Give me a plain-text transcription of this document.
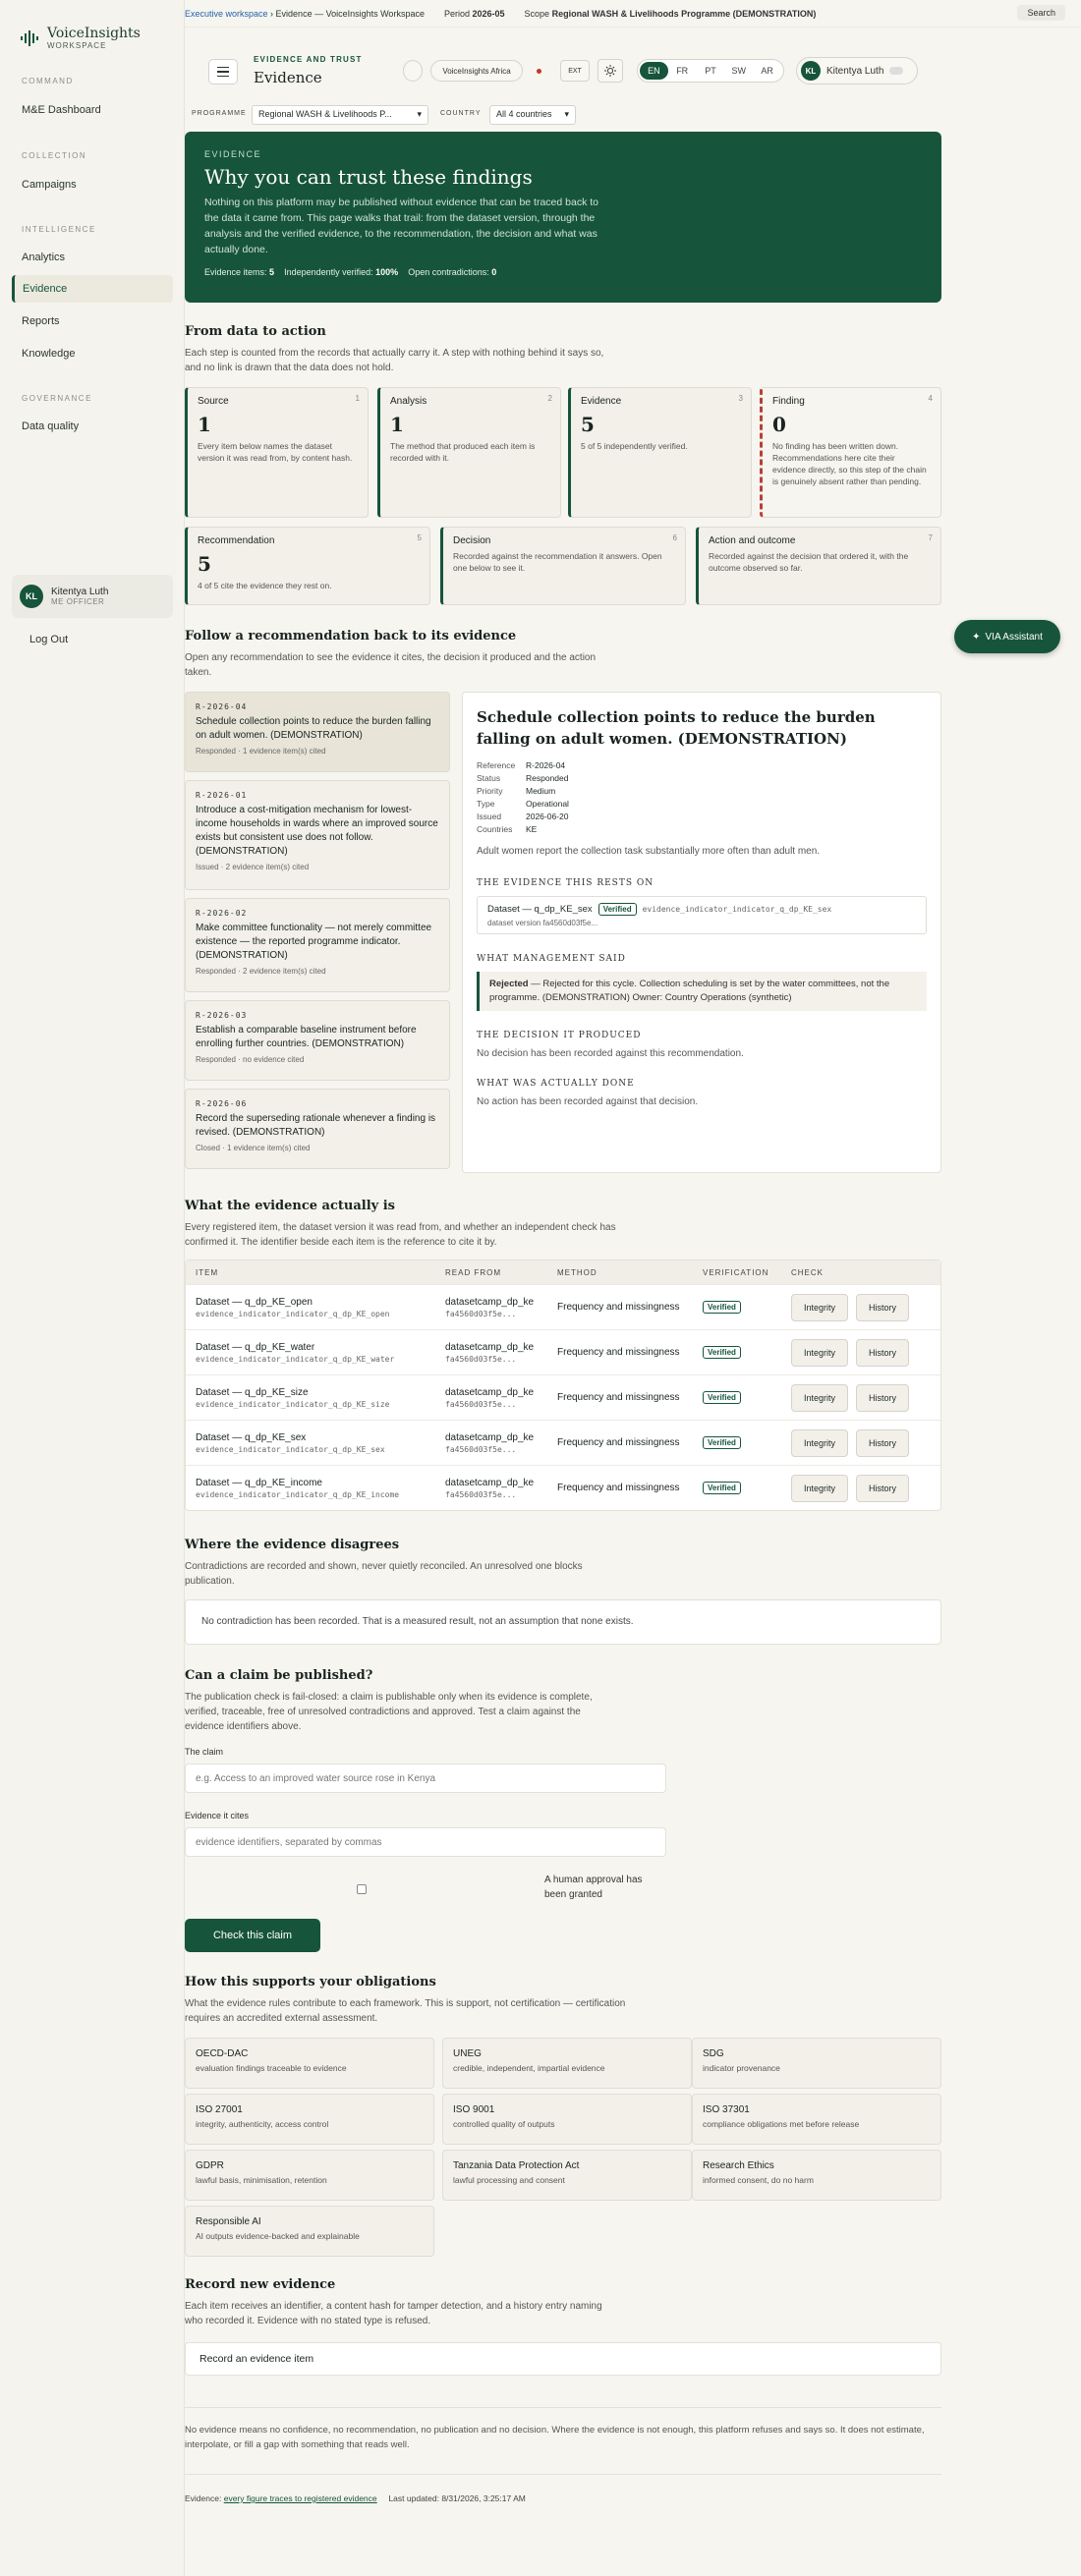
VoiceInsights
WORKSPACE
COMMAND
M&E Dashboard
COLLECTION
Campaigns
INTELLIGENCE
Analytics
Evidence
Reports
Knowledge
GOVERNANCE
Data quality
KL	Kitentya Luth
ME OFFICER
Log Out
Executive workspace › Evidence — VoiceInsights Workspace Period
2026-05 Scope
Regional WASH & Livelihoods Programme (DEMONSTRATION)	Search
EVIDENCE AND TRUST
Evidence	VoiceInsights Africa	EXT	EN	FR	PT	SW	AR	KL	Kitentya Luth
PROGRAMME	Regional WASH & Livelihoods P...	▾	COUNTRY	All 4 countries ▾
EVIDENCE
Why you can trust these findings
Nothing on this platform may be published without evidence that can be traced back to the data it came from. This page walks that trail: from the dataset version, through the analysis and the verified evidence, to the recommendation, the decision and what was actually done.
Evidence items: 5 Independently verified: 100% Open contradictions: 0
From data to action
Each step is counted from the records that actually carry it. A step with nothing behind it says so, and no link is drawn that the data does not hold.
1
Source
1
Every item below names the dataset version it was read from, by content hash.
2
Analysis
1
The method that produced each item is recorded with it.
3
Evidence
5
5 of 5 independently verified.
4
Finding
0
No finding has been written down. Recommendations here cite their evidence directly, so this step of the chain is genuinely absent rather than pending.
5
Recommendation
5
4 of 5 cite the evidence they rest on.
6
Decision
Recorded against the recommendation it answers. Open one below to see it.
7
Action and outcome
Recorded against the decision that ordered it, with the outcome observed so far.
Follow a recommendation back to its evidence
Open any recommendation to see the evidence it cites, the decision it produced and the action taken.
R-2026-04
Schedule collection points to reduce the burden falling on adult women. (DEMONSTRATION)
Responded · 1 evidence item(s) cited
R-2026-01
Introduce a cost-mitigation mechanism for lowest-income households in wards where an improved source exists but consistent use does not follow. (DEMONSTRATION)
Issued · 2 evidence item(s) cited
R-2026-02
Make committee functionality — not merely committee existence — the reported programme indicator. (DEMONSTRATION)
Responded · 2 evidence item(s) cited
R-2026-03
Establish a comparable baseline instrument before enrolling further countries. (DEMONSTRATION)
Responded · no evidence cited
R-2026-06
Record the superseding rationale whenever a finding is revised. (DEMONSTRATION)
Closed · 1 evidence item(s) cited
Schedule collection points to reduce the burden falling on adult women. (DEMONSTRATION)
Reference	R-2026-04
Status	Responded
Priority	Medium
Type	Operational
Issued	2026-06-20
Countries	KE
Adult women report the collection task substantially more often than adult men.
THE EVIDENCE THIS RESTS ON
Dataset — q_dp_KE_sex	Verified	evidence_indicator_indicator_q_dp_KE_sex
dataset version fa4560d03f5e...
WHAT MANAGEMENT SAID
Rejected — Rejected for this cycle. Collection scheduling is set by the water committees, not the programme. (DEMONSTRATION) Owner: Country Operations (synthetic)
THE DECISION IT PRODUCED
No decision has been recorded against this recommendation.
WHAT WAS ACTUALLY DONE
No action has been recorded against that decision.
What the evidence actually is
Every registered item, the dataset version it was read from, and whether an independent check has confirmed it. The identifier beside each item is the reference to cite it by.
ITEM	READ FROM	METHOD	VERIFICATION	CHECK
Dataset — q_dp_KE_open
evidence_indicator_indicator_q_dp_KE_open
datasetcamp_dp_ke
fa4560d03f5e...
Frequency and missingness	Verified	Integrity	History
Dataset — q_dp_KE_water
evidence_indicator_indicator_q_dp_KE_water
datasetcamp_dp_ke
fa4560d03f5e...
Frequency and missingness	Verified	Integrity	History
Dataset — q_dp_KE_size
evidence_indicator_indicator_q_dp_KE_size
datasetcamp_dp_ke
fa4560d03f5e...
Frequency and missingness	Verified	Integrity	History
Dataset — q_dp_KE_sex
evidence_indicator_indicator_q_dp_KE_sex
datasetcamp_dp_ke
fa4560d03f5e...
Frequency and missingness	Verified	Integrity	History
Dataset — q_dp_KE_income
evidence_indicator_indicator_q_dp_KE_income
datasetcamp_dp_ke
fa4560d03f5e...
Frequency and missingness	Verified	Integrity	History
Where the evidence disagrees
Contradictions are recorded and shown, never quietly reconciled. An unresolved one blocks publication.
No contradiction has been recorded. That is a measured result, not an assumption that none exists.
Can a claim be published?
The publication check is fail-closed: a claim is publishable only when its evidence is complete, verified, traceable, free of unresolved contradictions and approved. Test a claim against the evidence identifiers above.
The claim
e.g. Access to an improved water source rose in Kenya
Evidence it cites
evidence identifiers, separated by commas
A human approval has been granted
Check this claim
How this supports your obligations
What the evidence rules contribute to each framework. This is support, not certification — certification requires an accredited external assessment.
OECD-DAC
evaluation findings traceable to evidence
UNEG
credible, independent, impartial evidence
SDG
indicator provenance
ISO 27001
integrity, authenticity, access control
ISO 9001
controlled quality of outputs
ISO 37301
compliance obligations met before release
GDPR
lawful basis, minimisation, retention
Tanzania Data Protection Act
lawful processing and consent
Research Ethics
informed consent, do no harm
Responsible AI
AI outputs evidence-backed and explainable
Record new evidence
Each item receives an identifier, a content hash for tamper detection, and a history entry naming who recorded it. Evidence with no stated type is refused.
Record an evidence item
No evidence means no confidence, no recommendation, no publication and no decision. Where the evidence is not enough, this platform refuses and says so. It does not estimate, interpolate, or fill a gap with something that reads well.
Evidence: every figure traces to registered evidence Last updated: 8/31/2026, 3:25:17 AM
✦ VIA Assistant
